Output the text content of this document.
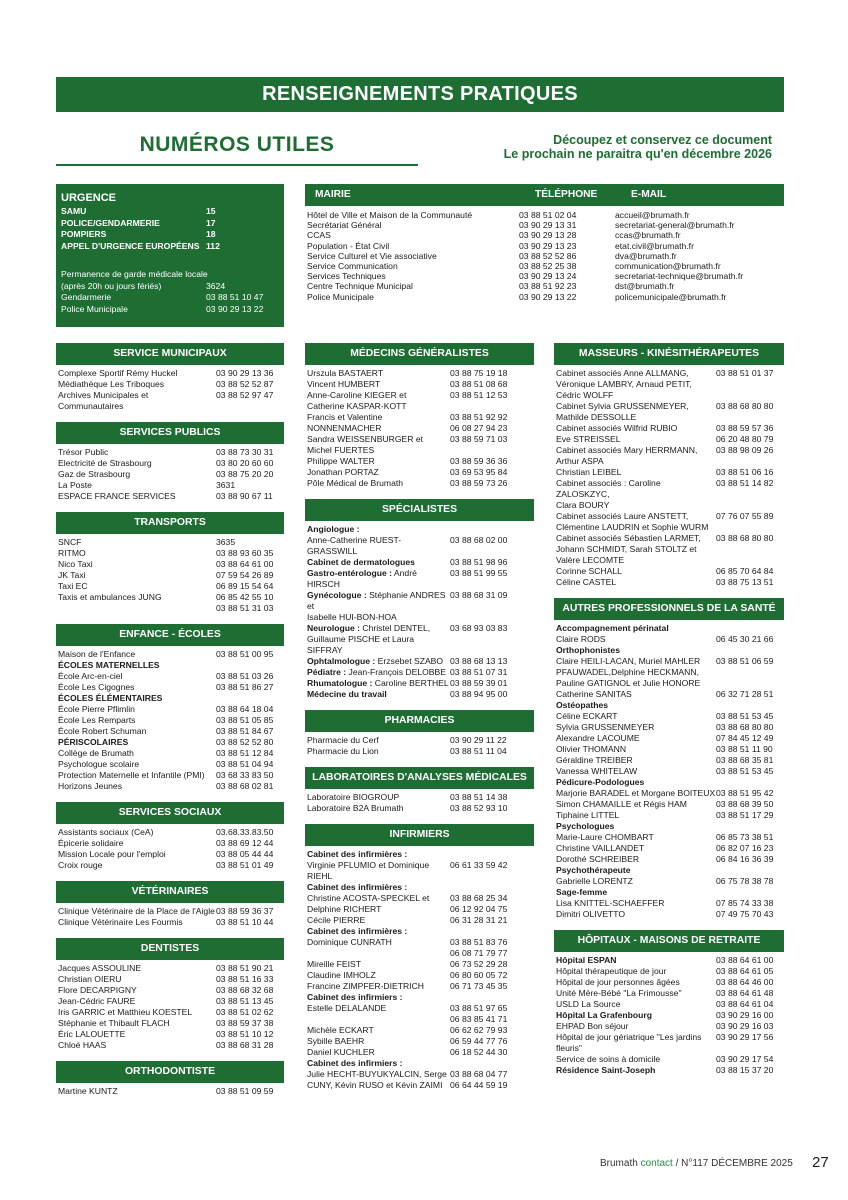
RENSEIGNEMENTS PRATIQUES
NUMÉROS UTILES	Découpez et conservez ce document
Le prochain ne paraitra qu'en décembre 2026
URGENCE
SAMU	15
POLICE/GENDARMERIE	17
POMPIERS	18
APPEL D'URGENCE EUROPÉENS 112
Permanence de garde médicale locale
(après 20h ou jours fériés)	3624
Gendarmerie	03 88 51 10 47
Police Municipale	03 90 29 13 22
MAIRIE	TÉLÉPHONE	E-MAIL
Hôtel de Ville et Maison de la Communauté	03 88 51 02 04	accueil@brumath.fr
Secrétariat Général	03 90 29 13 31	secretariat-general@brumath.fr
CCAS	03 90 29 13 28	ccas@brumath.fr
Population - État Civil	03 90 29 13 23	etat.civil@brumath.fr
Service Culturel et Vie associative	03 88 52 52 86	dva@brumath.fr
Service Communication	03 88 52 25 38	communication@brumath.fr
Services Techniques	03 90 29 13 24	secretariat-technique@brumath.fr
Centre Technique Municipal	03 88 51 92 23	dst@brumath.fr
Police Municipale	03 90 29 13 22	policemunicipale@brumath.fr
SERVICE MUNICIPAUX
Complexe Sportif Rémy Huckel	03 90 29 13 36
Médiathèque Les Triboques	03 88 52 52 87
Archives Municipales et Communautaires
03 88 52 97 47
SERVICES PUBLICS
Trésor Public	03 88 73 30 31
Electricité de Strasbourg	03 80 20 60 60
Gaz de Strasbourg	03 88 75 20 20
La Poste	3631
ESPACE FRANCE SERVICES	03 88 90 67 11
TRANSPORTS
SNCF	3635
RITMO	03 88 93 60 35
Nico Taxi	03 88 64 61 00
JK Taxi	07 59 54 26 89
Taxi EC	06 89 15 54 64
Taxis et ambulances JUNG	06 85 42 55 10
03 88 51 31 03
ENFANCE - ÉCOLES
Maison de l'Enfance	03 88 51 00 95
ÉCOLES MATERNELLES
École Arc-en-ciel	03 88 51 03 26
École Les Cigognes	03 88 51 86 27
ÉCOLES ÉLÉMENTAIRES
École Pierre Pflimlin	03 88 64 18 04
École Les Remparts	03 88 51 05 85
École Robert Schuman	03 88 51 84 67
PÉRISCOLAIRES	03 88 52 52 80
Collège de Brumath	03 88 51 12 84
Psychologue scolaire	03 88 51 04 94
Protection Maternelle et Infantile (PMI) 03 68 33 83 50
Horizons Jeunes	03 88 68 02 81
SERVICES SOCIAUX
Assistants sociaux (CeA)	03.68.33.83.50
Épicerie solidaire	03 88 69 12 44
Mission Locale pour l'emploi	03 88 05 44 44
Croix rouge	03 88 51 01 49
VÉTÉRINAIRES
Clinique Vétérinaire de la Place de l'Aigle 03 88 59 36 37
Clinique Vétérinaire Les Fourmis	03 88 51 10 44
DENTISTES
Jacques ASSOULINE	03 88 51 90 21
Christian OIERU	03 88 51 16 33
Flore DECARPIGNY	03 88 68 32 68
Jean-Cédric FAURE	03 88 51 13 45
Iris GARRIC et Matthieu KOESTEL	03 88 51 02 62
Stéphanie et Thibault FLACH	03 88 59 37 38
Éric LALOUETTE	03 88 51 10 12
Chloé HAAS	03 88 68 31 28
ORTHODONTISTE
Martine KUNTZ	03 88 51 09 59
MÉDECINS GÉNÉRALISTES
Urszula BASTAERT	03 88 75 19 18
Vincent HUMBERT	03 88 51 08 68
Anne-Caroline KIEGER et
Catherine KASPAR-KOTT
03 88 51 12 53
Francis et Valentine NONNENMACHER
03 88 51 92 92
06 08 27 94 23
Sandra WEISSENBURGER et
Michel FUERTES
03 88 59 71 03
Philippe WALTER	03 88 59 36 36
Jonathan PORTAZ	03 69 53 95 84
Pôle Médical de Brumath	03 88 59 73 26
SPÉCIALISTES
Angiologue :
Anne-Catherine RUEST-GRASSWILL
03 88 68 02 00
Cabinet de dermatologues	03 88 51 98 96
Gastro-entérologue : André HIRSCH
03 88 51 99 55
Gynécologue : Stéphanie ANDRES et
Isabelle HUI-BON-HOA
03 88 68 31 09
Neurologue : Christel DENTEL,
Guillaume PISCHE et Laura SIFFRAY
03 68 93 03 83
Ophtalmologue : Erzsebet SZABO 03 88 68 13 13
Pédiatre : Jean-François DELOBBE 03 88 51 07 31
Rhumatologue : Caroline BERTHEL 03 88 59 39 01
Médecine du travail	03 88 94 95 00
PHARMACIES
Pharmacie du Cerf	03 90 29 11 22
Pharmacie du Lion	03 88 51 11 04
LABORATOIRES D'ANALYSES MÉDICALES
Laboratoire BIOGROUP	03 88 51 14 38
Laboratoire B2A Brumath	03 88 52 93 10
INFIRMIERS
Cabinet des infirmières :
Virginie PFLUMIO et Dominique RIEHL
06 61 33 59 42
Cabinet des infirmières :
Christine ACOSTA-SPECKEL et
Delphine RICHERT
03 88 68 25 34
06 12 92 04 75
Cécile PIERRE	06 31 28 31 21
Cabinet des infirmières :
Dominique CUNRATH	03 88 51 83 76
06 08 71 79 77
Mireille FEIST	06 73 52 29 28
Claudine IMHOLZ	06 80 60 05 72
Francine ZIMPFER-DIETRICH	06 71 73 45 35
Cabinet des infirmiers :
Estelle DELALANDE	03 88 51 97 65
06 83 85 41 71
Michèle ECKART	06 62 62 79 93
Sybille BAEHR	06 59 44 77 76
Daniel KUCHLER	06 18 52 44 30
Cabinet des infirmiers :
Julie HECHT-BUYUKYALCIN, Serge
CUNY, Kévin RUSO et Kévin ZAIMI
03 88 68 04 77
06 64 44 59 19
MASSEURS - KINÉSITHÉRAPEUTES
Cabinet associés Anne ALLMANG,
Véronique LAMBRY, Arnaud PETIT,
Cédric WOLFF
03 88 51 01 37
Cabinet Sylvia GRUSSENMEYER,
Mathilde DESSOLLE
03 88 68 80 80
Cabinet associés Wilfrid RUBIO	03 88 59 57 36
Eve STREISSEL	06 20 48 80 79
Cabinet associés Mary HERRMANN,
Arthur ASPA
03 88 98 09 26
Christian LEIBEL	03 88 51 06 16
Cabinet associés : Caroline ZALOSKZYC,
Clara BOURY
03 88 51 14 82
Cabinet associés Laure ANSTETT,
Clémentine LAUDRIN et Sophie WURM
07 76 07 55 89
Cabinet associés Sébastien LARMET,
Johann SCHMIDT, Sarah STOLTZ et
Valère LECOMTE
03 88 68 80 80
Corinne SCHALL	06 85 70 64 84
Céline CASTEL	03 88 75 13 51
AUTRES PROFESSIONNELS DE LA SANTÉ
Accompagnement périnatal
Claire RODS	06 45 30 21 66
Orthophonistes
Claire HEILI-LACAN, Muriel MAHLER
PFAUWADEL,Delphine HECKMANN,
Pauline GATIGNOL et Julie HONORE
03 88 51 06 59
Catherine SANITAS	06 32 71 28 51
Ostéopathes
Céline ECKART	03 88 51 53 45
Sylvia GRUSSENMEYER	03 88 68 80 80
Alexandre LACOUME	07 84 45 12 49
Olivier THOMANN	03 88 51 11 90
Géraldine TREIBER	03 88 68 35 81
Vanessa WHITELAW	03 88 51 53 45
Pédicure-Podologues
Marjorie BARADEL et Morgane BOITEUX 03 88 51 95 42
Simon CHAMAILLE et Régis HAM	03 88 68 39 50
Tiphaine LITTEL	03 88 51 17 29
Psychologues
Marie-Laure CHOMBART	06 85 73 38 51
Christine VAILLANDET	06 82 07 16 23
Dorothé SCHREIBER	06 84 16 36 39
Psychothérapeute
Gabrielle LORENTZ	06 75 78 38 78
Sage-femme
Lisa KNITTEL-SCHAEFFER	07 85 74 33 38
Dimitri OLIVETTO	07 49 75 70 43
HÔPITAUX - MAISONS DE RETRAITE
Hôpital ESPAN	03 88 64 61 00
Hôpital thérapeutique de jour	03 88 64 61 05
Hôpital de jour personnes âgées	03 88 64 46 00
Unité Mère-Bébé "La Frimousse"	03 88 64 61 48
USLD La Source	03 88 64 61 04
Hôpital La Grafenbourg	03 90 29 16 00
EHPAD Bon séjour	03 90 29 16 03
Hôpital de jour gériatrique "Les jardins
fleuris"
03 90 29 17 56
Service de soins à domicile	03 90 29 17 54
Résidence Saint-Joseph	03 88 15 37 20
Brumath contact / N°117 DÉCEMBRE 2025 27
